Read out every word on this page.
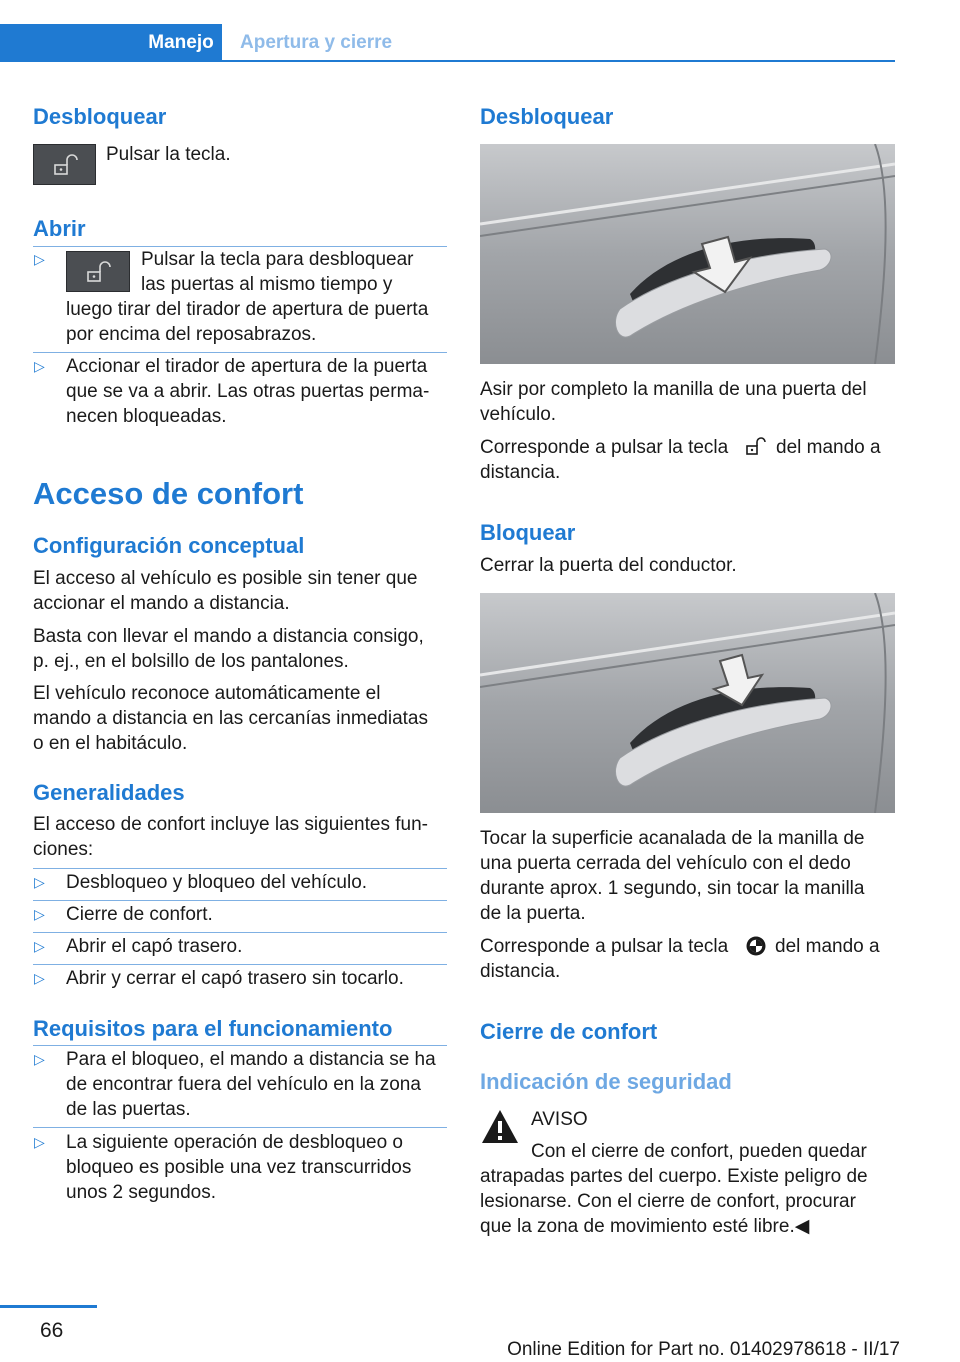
Manejo	Apertura y cierre
Desbloquear
Pulsar la tecla.
Abrir
▷	Pulsar la tecla para desbloquear
las puertas al mismo tiempo y
luego tirar del tirador de apertura de puerta
por encima del reposabrazos.
▷ Accionar el tirador de apertura de la puerta
que se va a abrir. Las otras puertas perma-
necen bloqueadas.
Acceso de confort
Configuración conceptual
El acceso al vehículo es posible sin tener que
accionar el mando a distancia.
Basta con llevar el mando a distancia consigo,
p. ej., en el bolsillo de los pantalones.
El vehículo reconoce automáticamente el
mando a distancia en las cercanías inmediatas
o en el habitáculo.
Generalidades
El acceso de confort incluye las siguientes fun-
ciones:
▷ Desbloqueo y bloqueo del vehículo.
▷ Cierre de confort.
▷ Abrir el capó trasero.
▷ Abrir y cerrar el capó trasero sin tocarlo.
Requisitos para el funcionamiento
▷ Para el bloqueo, el mando a distancia se ha
de encontrar fuera del vehículo en la zona
de las puertas.
▷ La siguiente operación de desbloqueo o
bloqueo es posible una vez transcurridos
unos 2 segundos.
Desbloquear
Asir por completo la manilla de una puerta del
vehículo.
Corresponde a pulsar la tecla	del mando a
distancia.
Bloquear
Cerrar la puerta del conductor.
Tocar la superficie acanalada de la manilla de
una puerta cerrada del vehículo con el dedo
durante aprox. 1 segundo, sin tocar la manilla
de la puerta.
Corresponde a pulsar la tecla del mando a
distancia.
Cierre de confort
Indicación de seguridad
AVISO
Con el cierre de confort, pueden quedar
atrapadas partes del cuerpo. Existe peligro de
lesionarse. Con el cierre de confort, procurar
que la zona de movimiento esté libre.◀
66
Online Edition for Part no. 01402978618 - II/17
